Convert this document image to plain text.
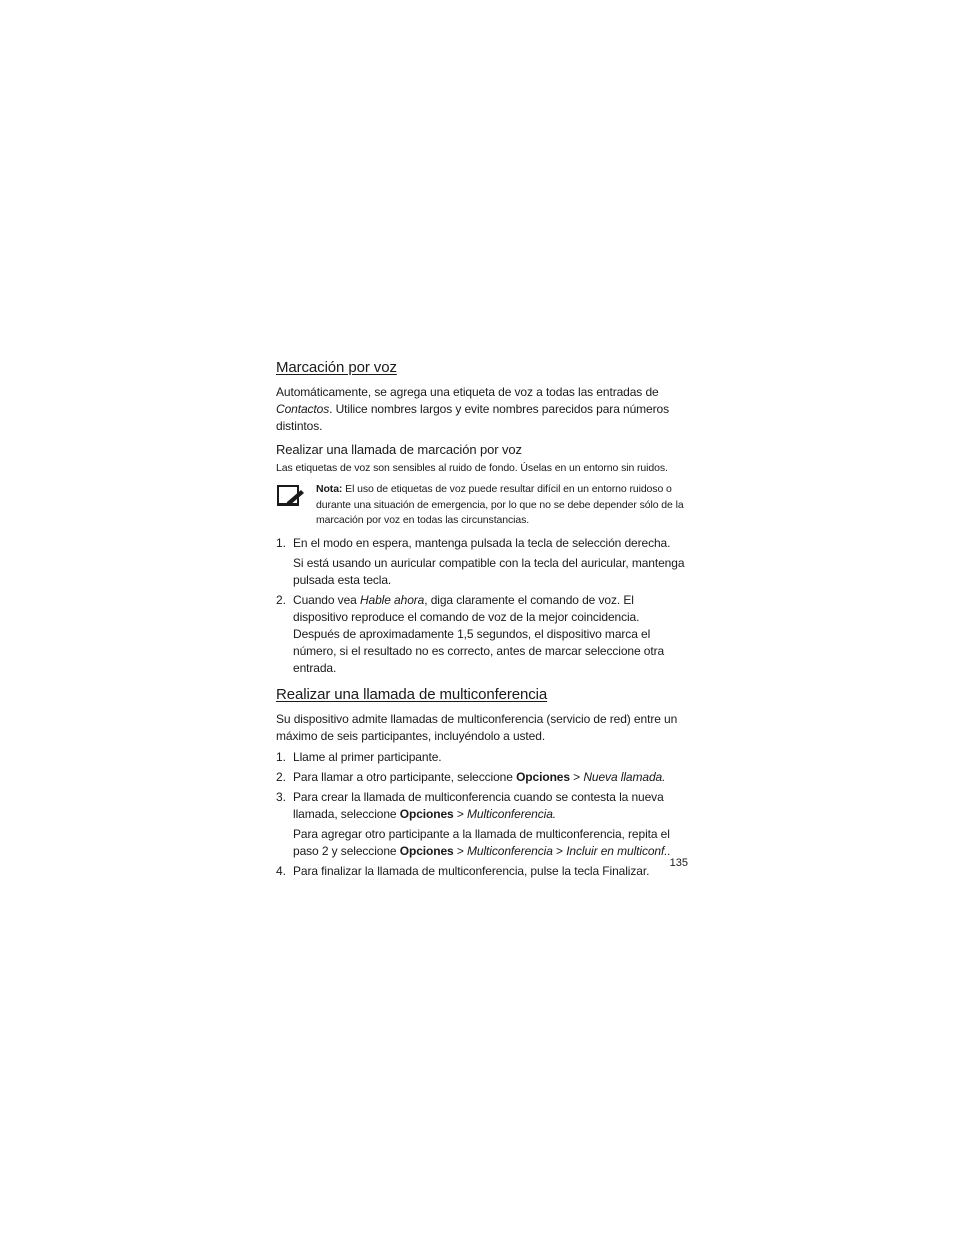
Marcación por voz

Automáticamente, se agrega una etiqueta de voz a todas las entradas de Contactos. Utilice nombres largos y evite nombres parecidos para números distintos.

Realizar una llamada de marcación por voz

Las etiquetas de voz son sensibles al ruido de fondo. Úselas en un entorno sin ruidos.

Nota: El uso de etiquetas de voz puede resultar difícil en un entorno ruidoso o durante una situación de emergencia, por lo que no se debe depender sólo de la marcación por voz en todas las circunstancias.

1. En el modo en espera, mantenga pulsada la tecla de selección derecha.

Si está usando un auricular compatible con la tecla del auricular, mantenga pulsada esta tecla.

2. Cuando vea Hable ahora, diga claramente el comando de voz. El dispositivo reproduce el comando de voz de la mejor coincidencia. Después de aproximadamente 1,5 segundos, el dispositivo marca el número, si el resultado no es correcto, antes de marcar seleccione otra entrada.

Realizar una llamada de multiconferencia

Su dispositivo admite llamadas de multiconferencia (servicio de red) entre un máximo de seis participantes, incluyéndolo a usted.

1. Llame al primer participante.

2. Para llamar a otro participante, seleccione Opciones > Nueva llamada.

3. Para crear la llamada de multiconferencia cuando se contesta la nueva llamada, seleccione Opciones > Multiconferencia.

Para agregar otro participante a la llamada de multiconferencia, repita el paso 2 y seleccione Opciones > Multiconferencia > Incluir en multiconf..

4. Para finalizar la llamada de multiconferencia, pulse la tecla Finalizar.

135
